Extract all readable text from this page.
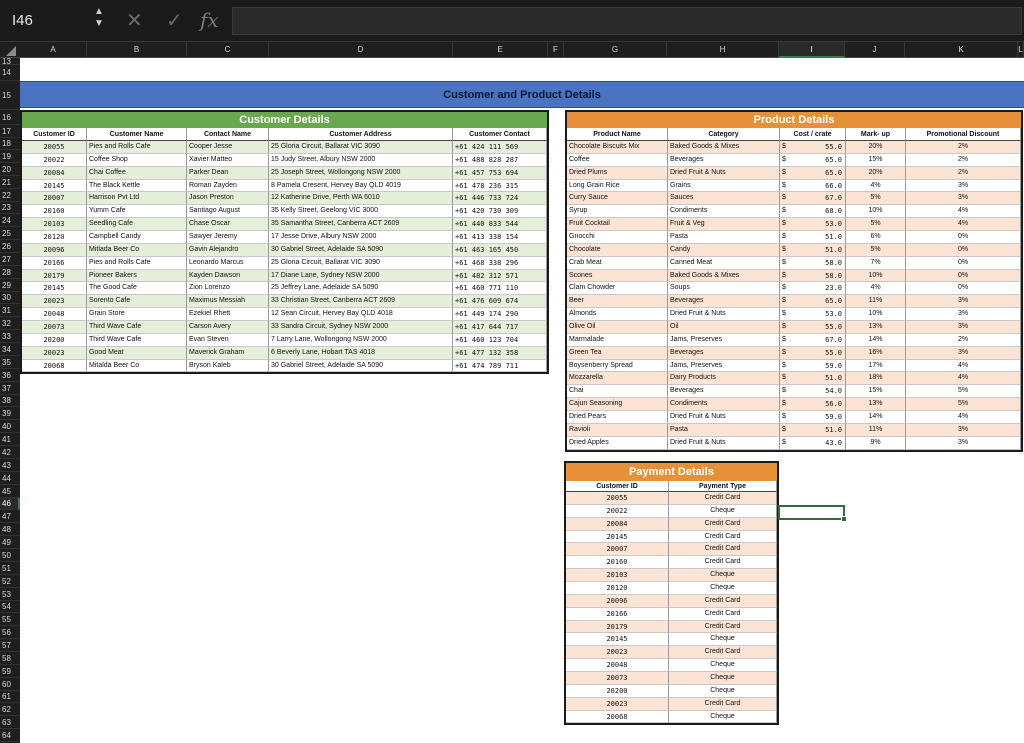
I46
▲
▼ ✕ ✓ fx
A	B	C	D	E	F	G	H	I	J	K	L
13
14
15
16
17
18
19
20
21
22
23
24
25
26
27
28
29
30
31
32
33
34
35
36
37
38
39
40
41
42
43
44
45
46
47
48
49
50
51
52
53
54
55
56
57
58
59
60
61
62
63
64
Customer and Product Details
Customer Details
Customer ID	Customer Name	Contact Name	Customer Address	Customer Contact
20055	Pies and Rolls Cafe	Cooper Jesse	25 Gloria Circuit, Ballarat VIC 3090	+61 424 111 569
20022	Coffee Shop	Xavier Matteo	15 Judy Street, Albury NSW 2000	+61 488 828 287
20084	Chai Coffee	Parker Dean	25 Joseph Street, Wollongong NSW 2000	+61 457 753 694
20145	The Black Kettle	Roman Zayden	8 Pamela Cresent, Hervey Bay QLD 4019	+61 478 236 315
20007	Harrison Pvt Ltd	Jason Preston	12 Katherine Drive, Perth WA 6010	+61 446 733 724
20160	Yumm Cafe	Santiago August	35 Kelly Street, Geelong VIC 3000	+61 420 730 309
20103	Seedling Cafe	Chase Oscar	35 Samantha Street, Canberra ACT 2609	+61 440 833 544
20120	Campbell Candy	Sawyer Jeremy	17 Jesse Drive, Albury NSW 2000	+61 413 338 154
20096	Mitlada Beer Co	Gavin Alejandro	30 Gabriel Street, Adelaide SA 5090	+61 463 165 450
20166	Pies and Rolls Cafe	Leonardo Marcus	25 Gloria Circuit, Ballarat VIC 3090	+61 468 338 296
20179	Pioneer Bakers	Kayden Dawson	17 Diane Lane, Sydney NSW 2000	+61 482 312 571
20145	The Good Cafe	Zion Lorenzo	25 Jeffrey Lane, Adelaide SA 5090	+61 460 771 110
20023	Sorento Cafe	Maximus Messiah	33 Christian Street, Canberra ACT 2609	+61 476 609 674
20048	Grain Store	Ezekiel Rhett	12 Sean Circuit, Hervey Bay QLD 4018	+61 449 174 290
20073	Third Wave Cafe	Carson Avery	33 Sandra Circuit, Sydney NSW 2000	+61 417 644 717
20200	Third Wave Cafe	Evan Steven	7 Larry Lane, Wollongong NSW 2000	+61 460 123 704
20023	Good Meat	Maverick Graham	6 Beverly Lane, Hobart TAS 4018	+61 477 132 358
20068	Mitalda Beer Co	Bryson Kaleb	30 Gabriel Street, Adelaide SA 5090	+61 474 789 711
Product Details
Product Name	Category	Cost / crate	Mark- up	Promotional Discount
Chocolate Biscuits Mix	Baked Goods & Mixes	$	55.0	20%	2%
Coffee	Beverages	$	65.0	15%	2%
Dried Plums	Dried Fruit & Nuts	$	65.0	20%	2%
Long Grain Rice	Grains	$	66.0	4%	3%
Curry Sauce	Sauces	$	67.0	5%	3%
Syrup	Condiments	$	68.0	10%	4%
Fruit Cocktail	Fruit & Veg	$	53.0	5%	4%
Gnocchi	Pasta	$	51.0	6%	0%
Chocolate	Candy	$	51.0	5%	0%
Crab Meat	Canned Meat	$	58.0	7%	0%
Scones	Baked Goods & Mixes	$	58.0	10%	0%
Clam Chowder	Soups	$	23.0	4%	0%
Beer	Beverages	$	65.0	11%	3%
Almonds	Dried Fruit & Nuts	$	53.0	10%	3%
Olive Oil	Oil	$	55.0	13%	3%
Marmalade	Jams, Preserves	$	67.0	14%	2%
Green Tea	Beverages	$	55.0	16%	3%
Boysenberry Spread	Jams, Preserves	$	59.0	17%	4%
Mozzarella	Dairy Products	$	51.0	18%	4%
Chai	Beverages	$	54.0	15%	5%
Cajun Seasoning	Condiments	$	56.0	13%	5%
Dried Pears	Dried Fruit & Nuts	$	59.0	14%	4%
Ravioli	Pasta	$	51.0	11%	3%
Dried Apples	Dried Fruit & Nuts	$	43.0	9%	3%
Payment Details
Customer ID	Payment Type
20055	Credit Card
20022	Cheque
20084	Credit Card
20145	Credit Card
20007	Credit Card
20160	Credit Card
20103	Cheque
20120	Cheque
20096	Credit Card
20166	Credit Card
20179	Credit Card
20145	Cheque
20023	Credit Card
20048	Cheque
20073	Cheque
20200	Cheque
20023	Credit Card
20068	Cheque
